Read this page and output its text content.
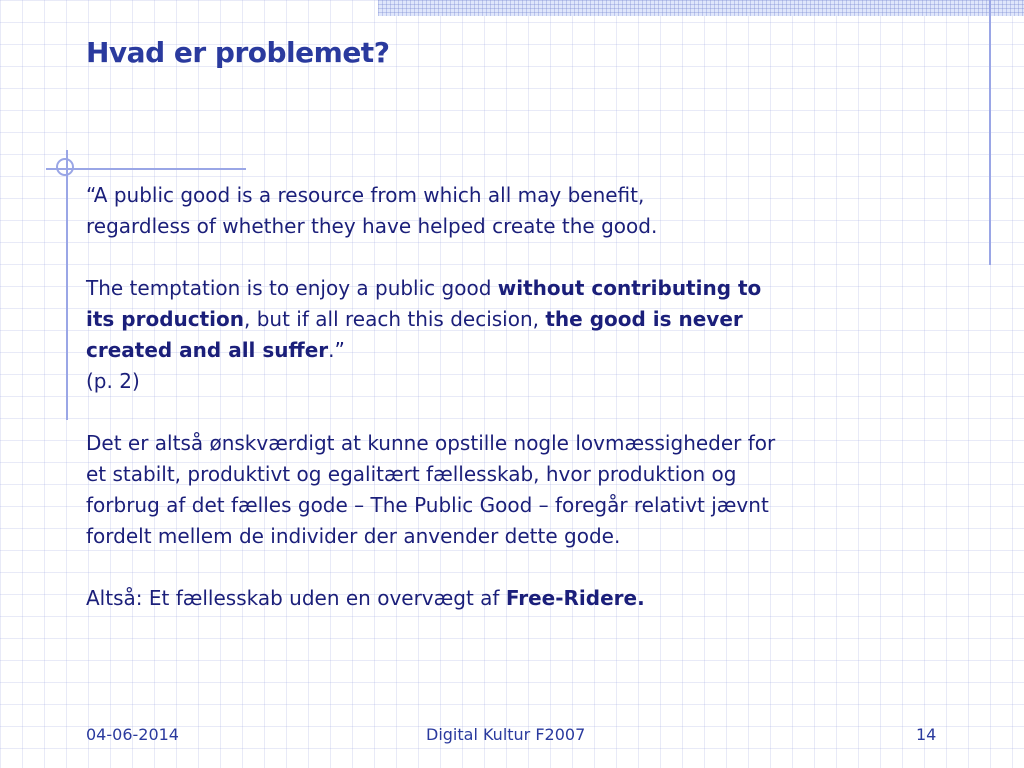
Hvad er problemet?

“A public good is a resource from which all may benefit,
regardless of whether they have helped create the good.

The temptation is to enjoy a public good without contributing to its production, but if all reach this decision, the good is never created and all suffer.”
(p. 2)

Det er altså ønskværdigt at kunne opstille nogle lovmæssigheder for et stabilt, produktivt og egalitært fællesskab, hvor produktion og forbrug af det fælles gode – The Public Good – foregår relativt jævnt fordelt mellem de individer der anvender dette gode.

Altså: Et fællesskab uden en overvægt af Free-Ridere.

04-06-2014	Digital Kultur F2007	14
